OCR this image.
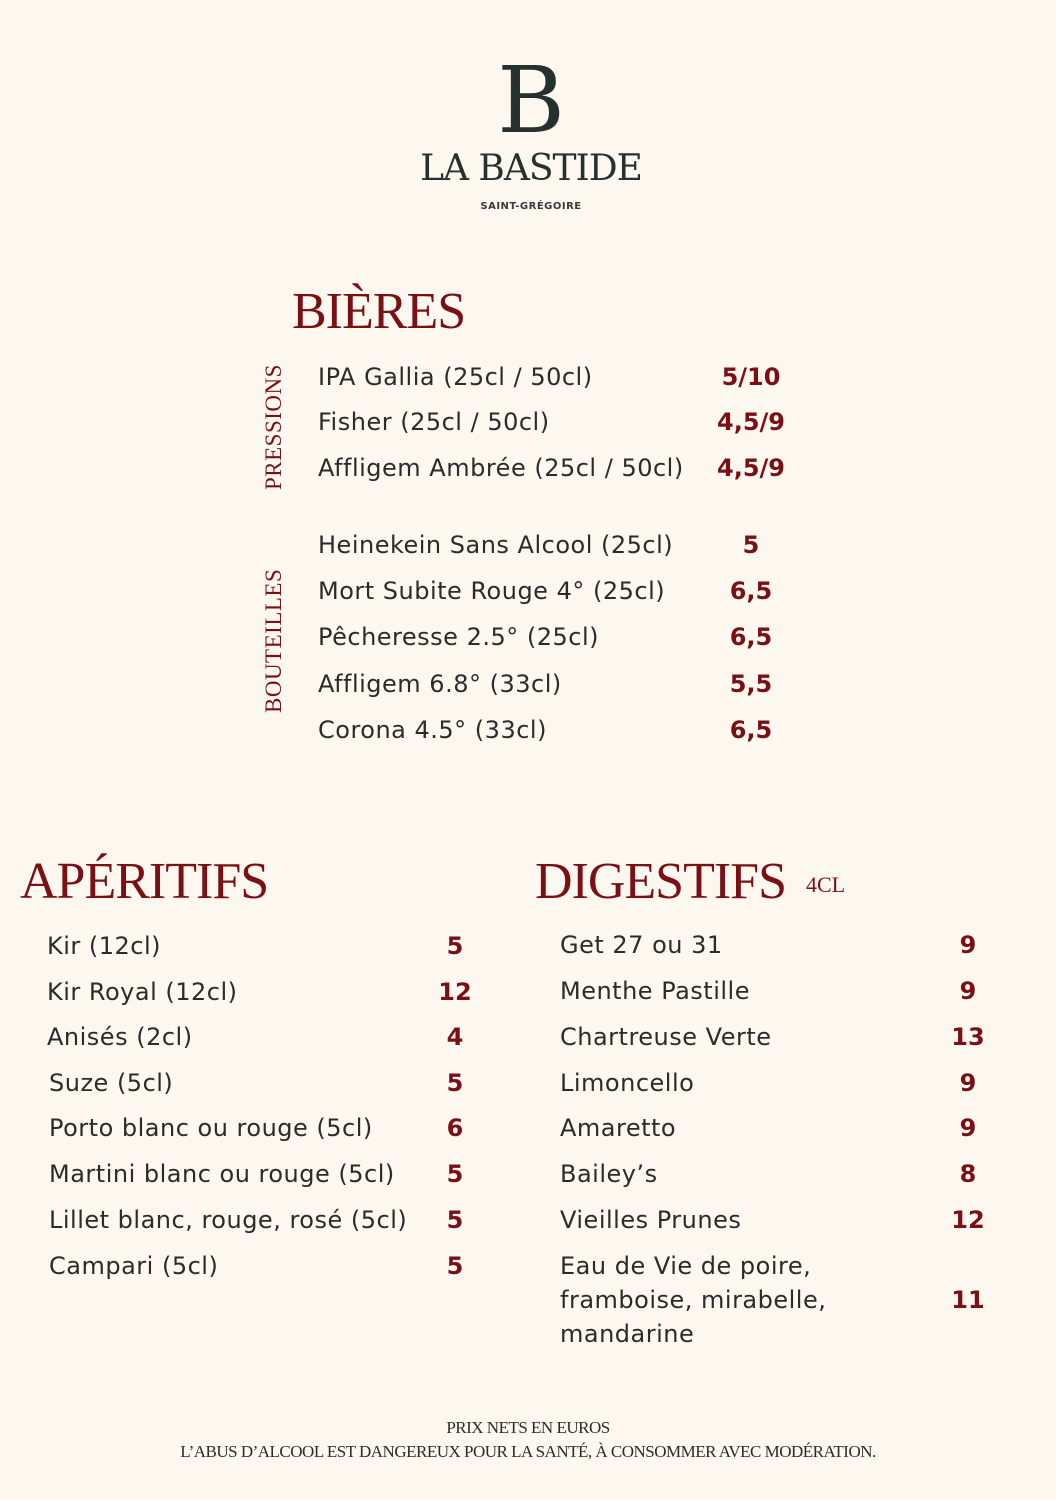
B
LA BASTIDE
SAINT-GRÉGOIRE
BIÈRES
PRESSIONS
BOUTEILLES
IPA Gallia (25cl / 50cl)	5/10
Fisher (25cl / 50cl)	4,5/9
Affligem Ambrée (25cl / 50cl) 4,5/9
Heinekein Sans Alcool (25cl)	5
Mort Subite Rouge 4° (25cl)	6,5
Pêcheresse 2.5° (25cl)	6,5
Affligem 6.8° (33cl)	5,5
Corona 4.5° (33cl)	6,5
APÉRITIFS
Kir (12cl)	5
Kir Royal (12cl)	12
Anisés (2cl)	4
Suze (5cl)	5
Porto blanc ou rouge (5cl)	6
Martini blanc ou rouge (5cl)	5
Lillet blanc, rouge, rosé (5cl)	5
Campari (5cl)	5
DIGESTIFS 4CL
Get 27 ou 31	9
Menthe Pastille	9
Chartreuse Verte	13
Limoncello	9
Amaretto	9
Bailey’s	8
Vieilles Prunes	12
Eau de Vie de poire,
framboise, mirabelle,
mandarine
11
PRIX NETS EN EUROS
L’ABUS D’ALCOOL EST DANGEREUX POUR LA SANTÉ, À CONSOMMER AVEC MODÉRATION.
